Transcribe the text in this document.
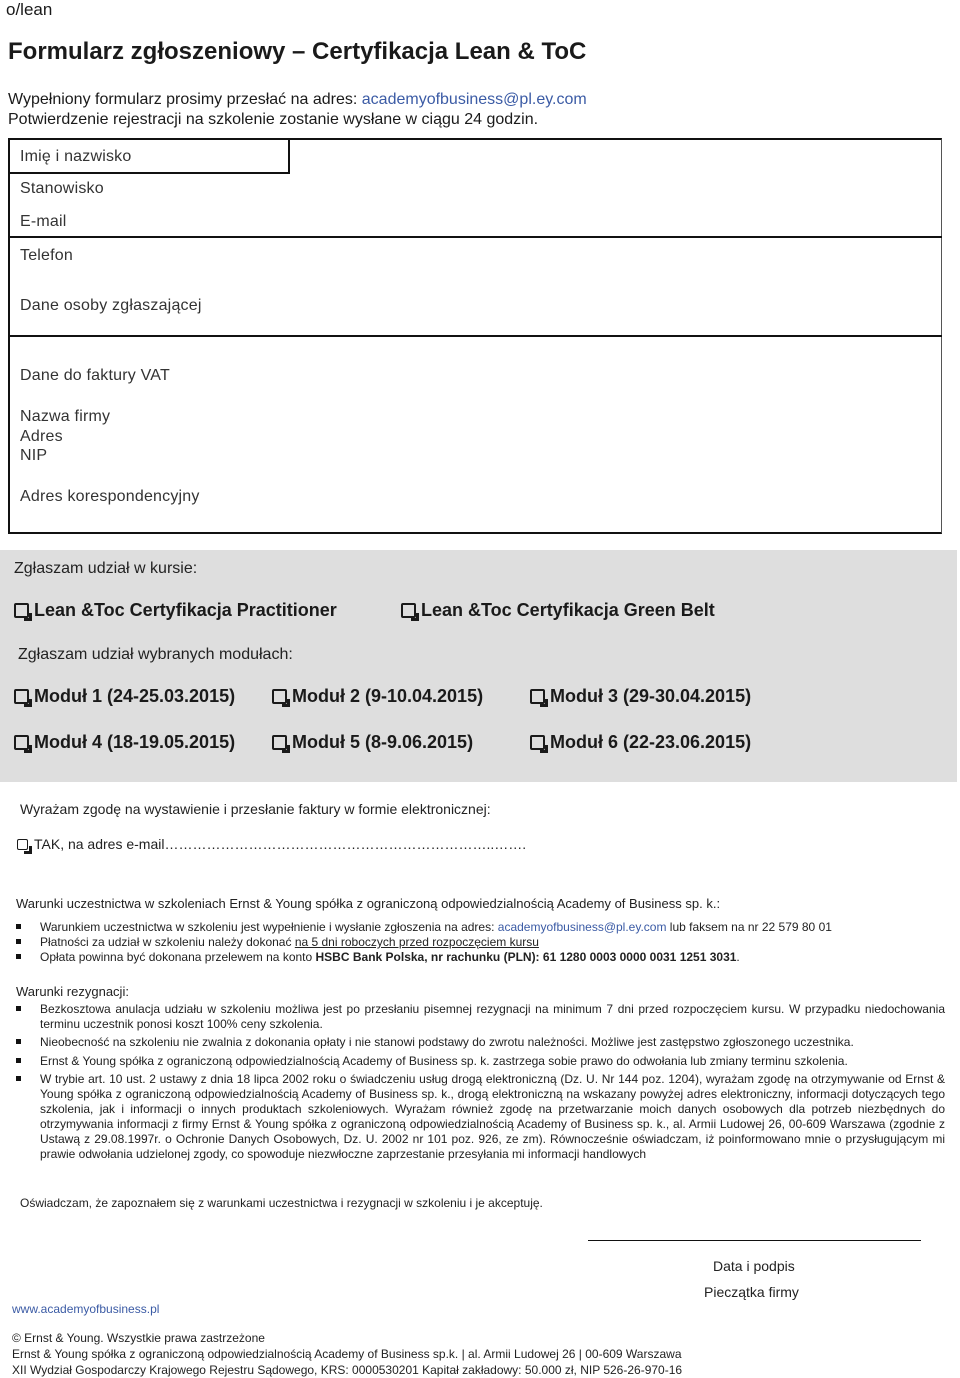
o/lean
Formularz zgłoszeniowy – Certyfikacja Lean & ToC
Wypełniony formularz prosimy przesłać na adres: academyofbusiness@pl.ey.com
Potwierdzenie rejestracji na szkolenie zostanie wysłane w ciągu 24 godzin.
Imię i nazwisko
Stanowisko
E-mail
Telefon
Dane osoby zgłaszającej
Dane do faktury VAT
Nazwa firmy
Adres
NIP
Adres korespondencyjny
Zgłaszam udział w kursie:
Lean &Toc Certyfikacja Practitioner	Lean &Toc Certyfikacja Green Belt
Zgłaszam udział wybranych modułach:
Moduł 1 (24-25.03.2015)	Moduł 2 (9-10.04.2015)	Moduł 3 (29-30.04.2015)
Moduł 4 (18-19.05.2015)	Moduł 5 (8-9.06.2015)	Moduł 6 (22-23.06.2015)
Wyrażam zgodę na wystawienie i przesłanie faktury w formie elektronicznej:
TAK, na adres e-mail……………………………………………………………..…….
Warunki uczestnictwa w szkoleniach Ernst & Young spółka z ograniczoną odpowiedzialnością Academy of Business sp. k.:
Warunkiem uczestnictwa w szkoleniu jest wypełnienie i wysłanie zgłoszenia na adres: academyofbusiness@pl.ey.com lub faksem na nr 22 579 80 01
Płatności za udział w szkoleniu należy dokonać na 5 dni roboczych przed rozpoczęciem kursu
Opłata powinna być dokonana przelewem na konto HSBC Bank Polska, nr rachunku (PLN): 61 1280 0003 0000 0031 1251 3031.
Warunki rezygnacji:
Bezkosztowa anulacja udziału w szkoleniu możliwa jest po przesłaniu pisemnej rezygnacji na minimum 7 dni przed rozpoczęciem kursu. W przypadku niedochowania terminu uczestnik ponosi koszt 100% ceny szkolenia.
Nieobecność na szkoleniu nie zwalnia z dokonania opłaty i nie stanowi podstawy do zwrotu należności. Możliwe jest zastępstwo zgłoszonego uczestnika.
Ernst & Young spółka z ograniczoną odpowiedzialnością Academy of Business sp. k. zastrzega sobie prawo do odwołania lub zmiany terminu szkolenia.
W trybie art. 10 ust. 2 ustawy z dnia 18 lipca 2002 roku o świadczeniu usług drogą elektroniczną (Dz. U. Nr 144 poz. 1204), wyrażam zgodę na otrzymywanie od Ernst & Young spółka z ograniczoną odpowiedzialnością Academy of Business sp. k., drogą elektroniczną na wskazany powyżej adres elektroniczny, informacji dotyczących tego szkolenia, jak i informacji o innych produktach szkoleniowych. Wyrażam również zgodę na przetwarzanie moich danych osobowych dla potrzeb niezbędnych do otrzymywania informacji z firmy Ernst & Young spółka z ograniczoną odpowiedzialnością Academy of Business sp. k., al. Armii Ludowej 26, 00-609 Warszawa (zgodnie z Ustawą z 29.08.1997r. o Ochronie Danych Osobowych, Dz. U. 2002 nr 101 poz. 926, ze zm). Równocześnie oświadczam, iż poinformowano mnie o przysługującym mi prawie odwołania udzielonej zgody, co spowoduje niezwłoczne zaprzestanie przesyłania mi informacji handlowych
Oświadczam, że zapoznałem się z warunkami uczestnictwa i rezygnacji w szkoleniu i je akceptuję.
Data i podpis
Pieczątka firmy
www.academyofbusiness.pl
© Ernst & Young. Wszystkie prawa zastrzeżone
Ernst & Young spółka z ograniczoną odpowiedzialnością Academy of Business sp.k. | al. Armii Ludowej 26 | 00-609 Warszawa
XII Wydział Gospodarczy Krajowego Rejestru Sądowego, KRS: 0000530201 Kapitał zakładowy: 50.000 zł, NIP 526-26-970-16
